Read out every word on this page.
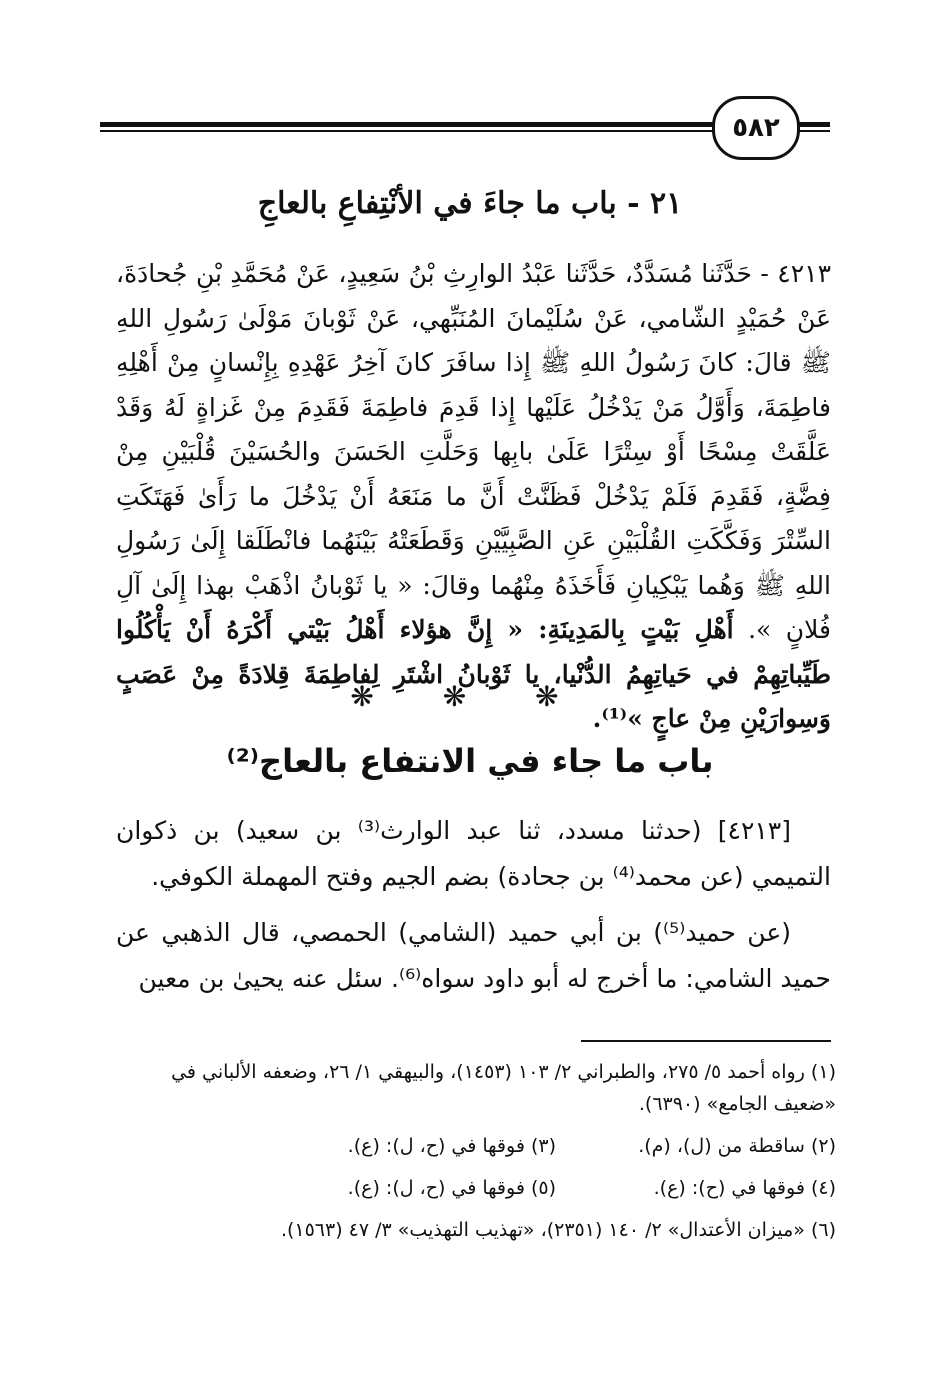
٥٨٢
٢١ - باب ما جاءَ في الأنْتِفاعِ بالعاجِ
٤٢١٣ - حَدَّثَنا مُسَدَّدٌ، حَدَّثَنا عَبْدُ الوارِثِ بْنُ سَعِيدٍ، عَنْ مُحَمَّدِ بْنِ جُحادَةَ، عَنْ حُمَيْدٍ الشّامي، عَنْ سُلَيْمانَ المُنَبِّهي، عَنْ ثَوْبانَ مَوْلَىٰ رَسُولِ اللهِ ﷺ قالَ: كانَ رَسُولُ اللهِ ﷺ إِذا سافَرَ كانَ آخِرُ عَهْدِهِ بِإِنْسانٍ مِنْ أَهْلِهِ فاطِمَةَ، وَأَوَّلُ مَنْ يَدْخُلُ عَلَيْها إِذا قَدِمَ فاطِمَةَ فَقَدِمَ مِنْ غَزاةٍ لَهُ وَقَدْ عَلَّقَتْ مِسْحًا أَوْ سِتْرًا عَلَىٰ بابِها وَحَلَّتِ الحَسَنَ والحُسَيْنَ قُلْبَيْنِ مِنْ فِضَّةٍ، فَقَدِمَ فَلَمْ يَدْخُلْ فَظَنَّتْ أَنَّ ما مَنَعَهُ أَنْ يَدْخُلَ ما رَأَىٰ فَهَتَكَتِ السِّتْرَ وَفَكَّكَتِ القُلْبَيْنِ عَنِ الصَّبِيَّيْنِ وَقَطَعَتْهُ بَيْنَهُما فانْطَلَقا إِلَىٰ رَسُولِ اللهِ ﷺ وَهُما يَبْكِيانِ فَأَخَذَهُ مِنْهُما وقالَ: « يا ثَوْبانُ اذْهَبْ بهذا إِلَىٰ آلِ فُلانٍ ». أَهْلِ بَيْتٍ بِالمَدِينَةِ: « إِنَّ هؤلاء أَهْلُ بَيْتي أَكْرَهُ أَنْ يَأْكُلُوا طَيِّباتِهِمْ في حَياتِهِمُ الدُّنْيا، يا ثَوْبانُ اشْتَرِ لِفاطِمَةَ قِلادَةً مِنْ عَصَبٍ وَسِوارَيْنِ مِنْ عاجٍ »⁽¹⁾.
❋ ❋ ❋
باب ما جاء في الانتفاع بالعاج⁽²⁾

[٤٢١٣] (حدثنا مسدد، ثنا عبد الوارث⁽³⁾ بن سعيد) بن ذكوان التميمي (عن محمد⁽⁴⁾ بن جحادة) بضم الجيم وفتح المهملة الكوفي.

(عن حميد⁽⁵⁾) بن أبي حميد (الشامي) الحمصي، قال الذهبي عن حميد الشامي: ما أخرج له أبو داود سواه⁽⁶⁾. سئل عنه يحيىٰ بن معين

(١) رواه أحمد ٥/ ٢٧٥، والطبراني ٢/ ١٠٣ (١٤٥٣)، والبيهقي ١/ ٢٦، وضعفه الألباني في «ضعيف الجامع» (٦٣٩٠).
(٢) ساقطة من (ل)، (م).
(٣) فوقها في (ح، ل): (ع).
(٤) فوقها في (ح): (ع).
(٥) فوقها في (ح، ل): (ع).
(٦) «ميزان الأعتدال» ٢/ ١٤٠ (٢٣٥١)، «تهذيب التهذيب» ٣/ ٤٧ (١٥٦٣).
